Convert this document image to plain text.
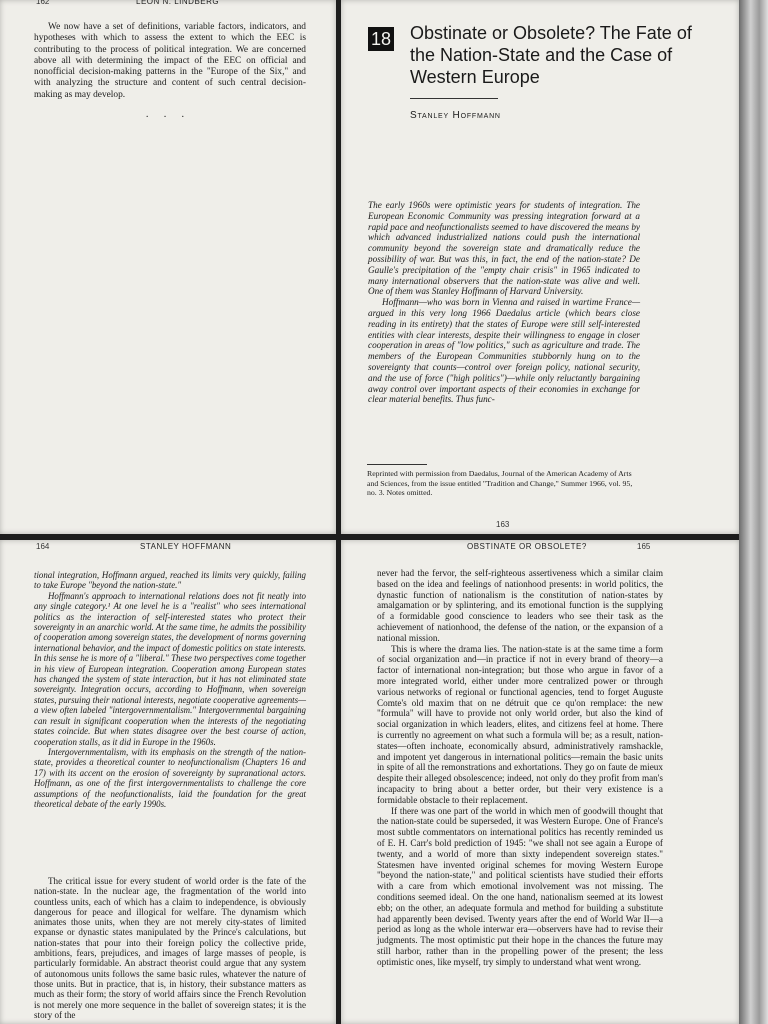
162	LEON N. LINDBERG

We now have a set of definitions, variable factors, indicators, and hypotheses with which to assess the extent to which the EEC is contributing to the process of political integration. We are concerned above all with determining the impact of the EEC on official and nonofficial decision-making patterns in the "Europe of the Six," and with analyzing the structure and content of such central decision-making as may develop.

· · ·
18 Obstinate or Obsolete? The Fate of the Nation-State and the Case of Western Europe
Stanley Hoffmann

The early 1960s were optimistic years for students of integration. The European Economic Community was pressing integration forward at a rapid pace and neofunctionalists seemed to have discovered the means by which advanced industrialized nations could push the international community beyond the sovereign state and dramatically reduce the possibility of war. But was this, in fact, the end of the nation-state? De Gaulle's precipitation of the "empty chair crisis" in 1965 indicated to many international observers that the nation-state was alive and well. One of them was Stanley Hoffmann of Harvard University.

Hoffmann—who was born in Vienna and raised in wartime France—argued in this very long 1966 Daedalus article (which bears close reading in its entirety) that the states of Europe were still self-interested entities with clear interests, despite their willingness to engage in closer cooperation in areas of "low politics," such as agriculture and trade. The members of the European Communities stubbornly hung on to the sovereignty that counts—control over foreign policy, national security, and the use of force ("high politics")—while only reluctantly bargaining away control over important aspects of their economies in exchange for clear material benefits. Thus func-

Reprinted with permission from Daedalus, Journal of the American Academy of Arts and Sciences, from the issue entitled "Tradition and Change," Summer 1966, vol. 95, no. 3. Notes omitted.
163
164	STANLEY HOFFMANN

tional integration, Hoffmann argued, reached its limits very quickly, failing to take Europe "beyond the nation-state."

Hoffmann's approach to international relations does not fit neatly into any single category.¹ At one level he is a "realist" who sees international politics as the interaction of self-interested states who protect their sovereignty in an anarchic world. At the same time, he admits the possibility of cooperation among sovereign states, the development of norms governing international behavior, and the impact of domestic politics on state interests. In this sense he is more of a "liberal." These two perspectives come together in his view of European integration. Cooperation among European states has changed the system of state interaction, but it has not eliminated state sovereignty. Integration occurs, according to Hoffmann, when sovereign states, pursuing their national interests, negotiate cooperative agreements—a view often labeled "intergovernmentalism." Intergovernmental bargaining can result in significant cooperation when the interests of the negotiating states coincide. But when states disagree over the best course of action, cooperation stalls, as it did in Europe in the 1960s.

Intergovernmentalism, with its emphasis on the strength of the nation-state, provides a theoretical counter to neofunctionalism (Chapters 16 and 17) with its accent on the erosion of sovereignty by supranational actors. Hoffmann, as one of the first intergovernmentalists to challenge the core assumptions of the neofunctionalists, laid the foundation for the great theoretical debate of the early 1990s.

The critical issue for every student of world order is the fate of the nation-state. In the nuclear age, the fragmentation of the world into countless units, each of which has a claim to independence, is obviously dangerous for peace and illogical for welfare. The dynamism which animates those units, when they are not merely city-states of limited expanse or dynastic states manipulated by the Prince's calculations, but nation-states that pour into their foreign policy the collective pride, ambitions, fears, prejudices, and images of large masses of people, is particularly formidable. An abstract theorist could argue that any system of autonomous units follows the same basic rules, whatever the nature of those units. But in practice, that is, in history, their substance matters as much as their form; the story of world affairs since the French Revolution is not merely one more sequence in the ballet of sovereign states; it is the story of the

OBSTINATE OR OBSOLETE?	165

never had the fervor, the self-righteous assertiveness which a similar claim based on the idea and feelings of nationhood presents: in world politics, the dynastic function of nationalism is the constitution of nation-states by amalgamation or by splintering, and its emotional function is the supplying of a formidable good conscience to leaders who see their task as the achievement of nationhood, the defense of the nation, or the expansion of a national mission.

This is where the drama lies. The nation-state is at the same time a form of social organization and—in practice if not in every brand of theory—a factor of international non-integration; but those who argue in favor of a more integrated world, either under more centralized power or through various networks of regional or functional agencies, tend to forget Auguste Comte's old maxim that on ne détruit que ce qu'on remplace: the new "formula" will have to provide not only world order, but also the kind of social organization in which leaders, elites, and citizens feel at home. There is currently no agreement on what such a formula will be; as a result, nation-states—often inchoate, economically absurd, administratively ramshackle, and impotent yet dangerous in international politics—remain the basic units in spite of all the remonstrations and exhortations. They go on faute de mieux despite their alleged obsolescence; indeed, not only do they profit from man's incapacity to bring about a better order, but their very existence is a formidable obstacle to their replacement.

If there was one part of the world in which men of goodwill thought that the nation-state could be superseded, it was Western Europe. One of France's most subtle commentators on international politics has recently reminded us of E. H. Carr's bold prediction of 1945: "we shall not see again a Europe of twenty, and a world of more than sixty independent sovereign states." Statesmen have invented original schemes for moving Western Europe "beyond the nation-state," and political scientists have studied their efforts with a care from which emotional involvement was not missing. The conditions seemed ideal. On the one hand, nationalism seemed at its lowest ebb; on the other, an adequate formula and method for building a substitute had apparently been devised. Twenty years after the end of World War II—a period as long as the whole interwar era—observers have had to revise their judgments. The most optimistic put their hope in the chances the future may still harbor, rather than in the propelling power of the present; the less optimistic ones, like myself, try simply to understand what went wrong.
